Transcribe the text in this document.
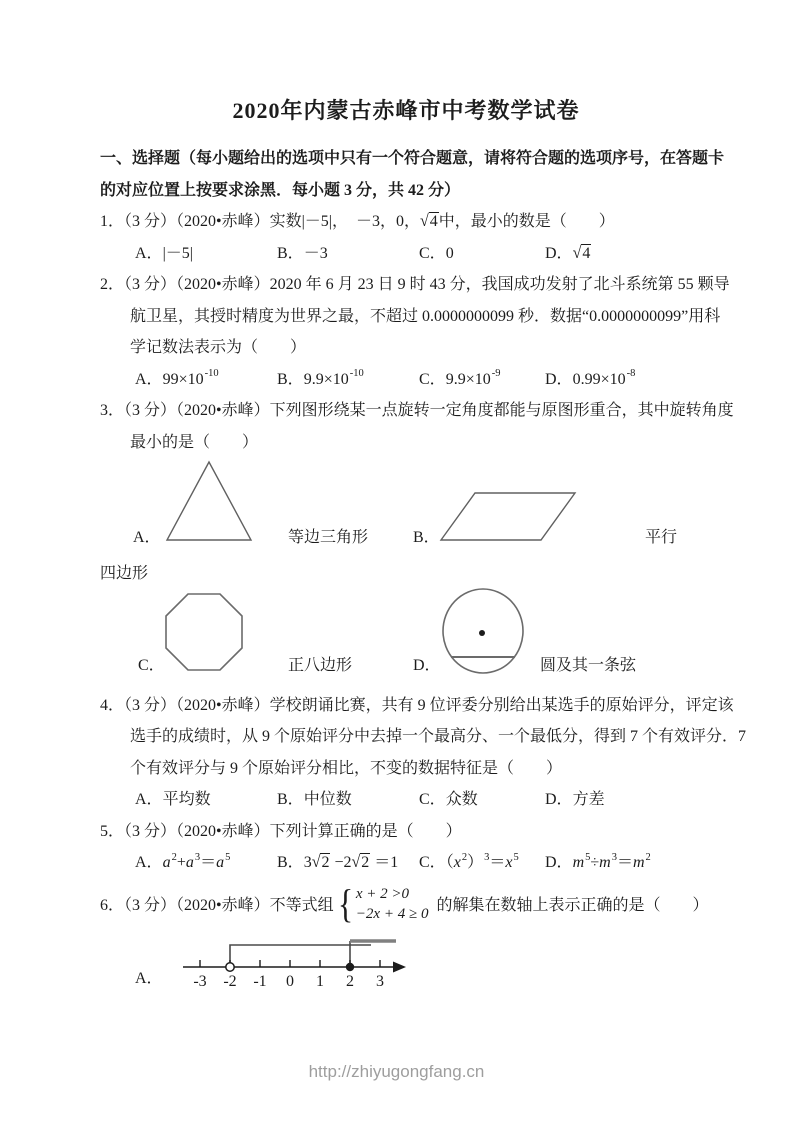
2020年内蒙古赤峰市中考数学试卷

一、选择题（每小题给出的选项中只有一个符合题意，请将符合题的选项序号，在答题卡

的对应位置上按要求涂黑．每小题 3 分，共 42 分）

1．（3 分）（2020•赤峰）实数|－5|，　－3，0，√4中，最小的数是（　　）

A．|－5|	B．－3	C．0	D．√4

2．（3 分）（2020•赤峰）2020 年 6 月 23 日 9 时 43 分，我国成功发射了北斗系统第 55 颗导

航卫星，其授时精度为世界之最，不超过 0.0000000099 秒．数据“0.0000000099”用科

学记数法表示为（　　）

A．$99\times 10^{-10}$	B．$9.9\times 10^{-10}$	C．$9.9\times 10^{-9}$	D．$0.99\times 10^{-8}$

3．（3 分）（2020•赤峰）下列图形绕某一点旋转一定角度都能与原图形重合，其中旋转角度

最小的是（　　）

A．	等边三角形	B．	平行

四边形

C．	正八边形	D．	圆及其一条弦

4．（3 分）（2020•赤峰）学校朗诵比赛，共有 9 位评委分别给出某选手的原始评分，评定该

选手的成绩时，从 9 个原始评分中去掉一个最高分、一个最低分，得到 7 个有效评分．7

个有效评分与 9 个原始评分相比，不变的数据特征是（　　）

A．平均数	B．中位数	C．众数	D．方差

5．（3 分）（2020•赤峰）下列计算正确的是（　　）

A．$a^2+a^3=a^5$	B．3√2 −2√2 ＝1	C．$(x^2)^3=x^5$	D．$m^5\div m^3=m^2$
6．（3 分）（2020•赤峰）不等式组 { x + 2 >0
−2x + 4 ≥ 0 的解集在数轴上表示正确的是（　　）
A． -3 -2 -1 0 1 2 3
http://zhiyugongfang.cn
